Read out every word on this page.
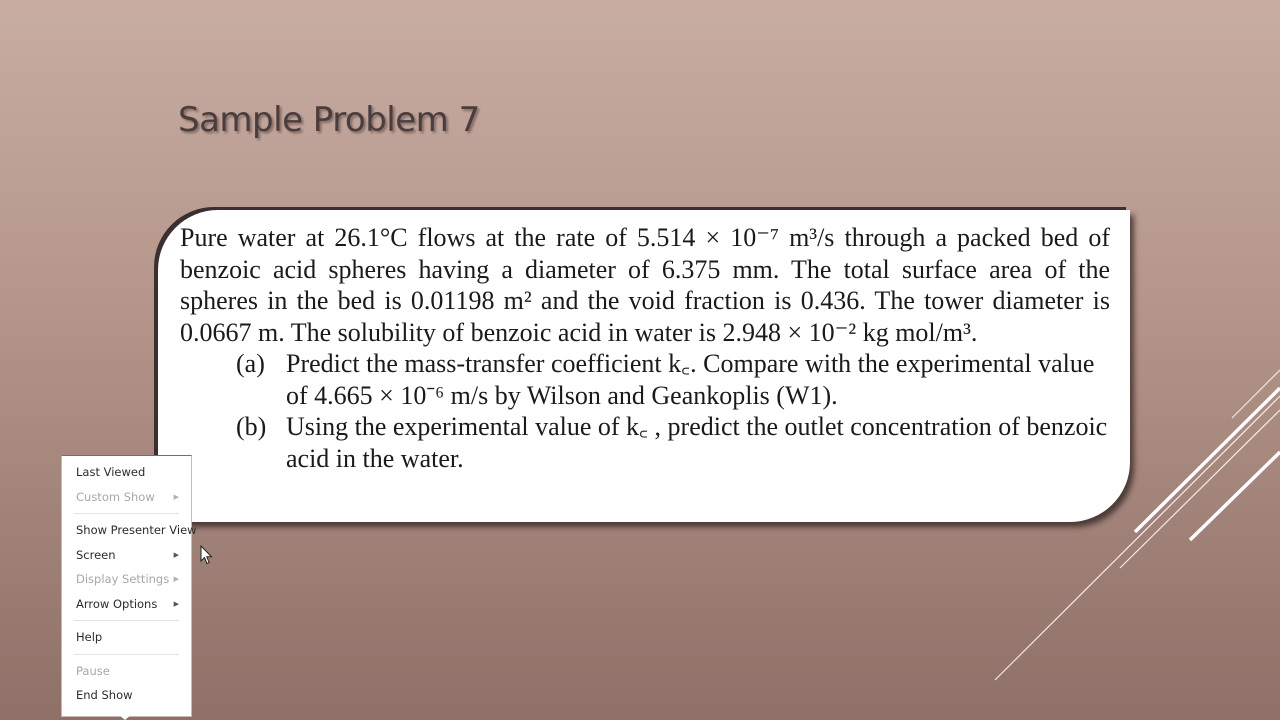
Sample Problem 7

Pure water at 26.1°C flows at the rate of 5.514 × 10⁻⁷ m³/s through a packed bed of benzoic acid spheres having a diameter of 6.375 mm. The total surface area of the spheres in the bed is 0.01198 m² and the void fraction is 0.436. The tower diameter is 0.0667 m. The solubility of benzoic acid in water is 2.948 × 10⁻² kg mol/m³.

(a) Predict the mass-transfer coefficient k꜀. Compare with the experimental value of 4.665 × 10⁻⁶ m/s by Wilson and Geankoplis (W1).
(b) Using the experimental value of k꜀ , predict the outlet concentration of benzoic acid in the water.
Last Viewed
Custom Show	▶
Show Presenter View
Screen	▶
Display Settings ▶
Arrow Options ▶
Help
Pause
End Show
